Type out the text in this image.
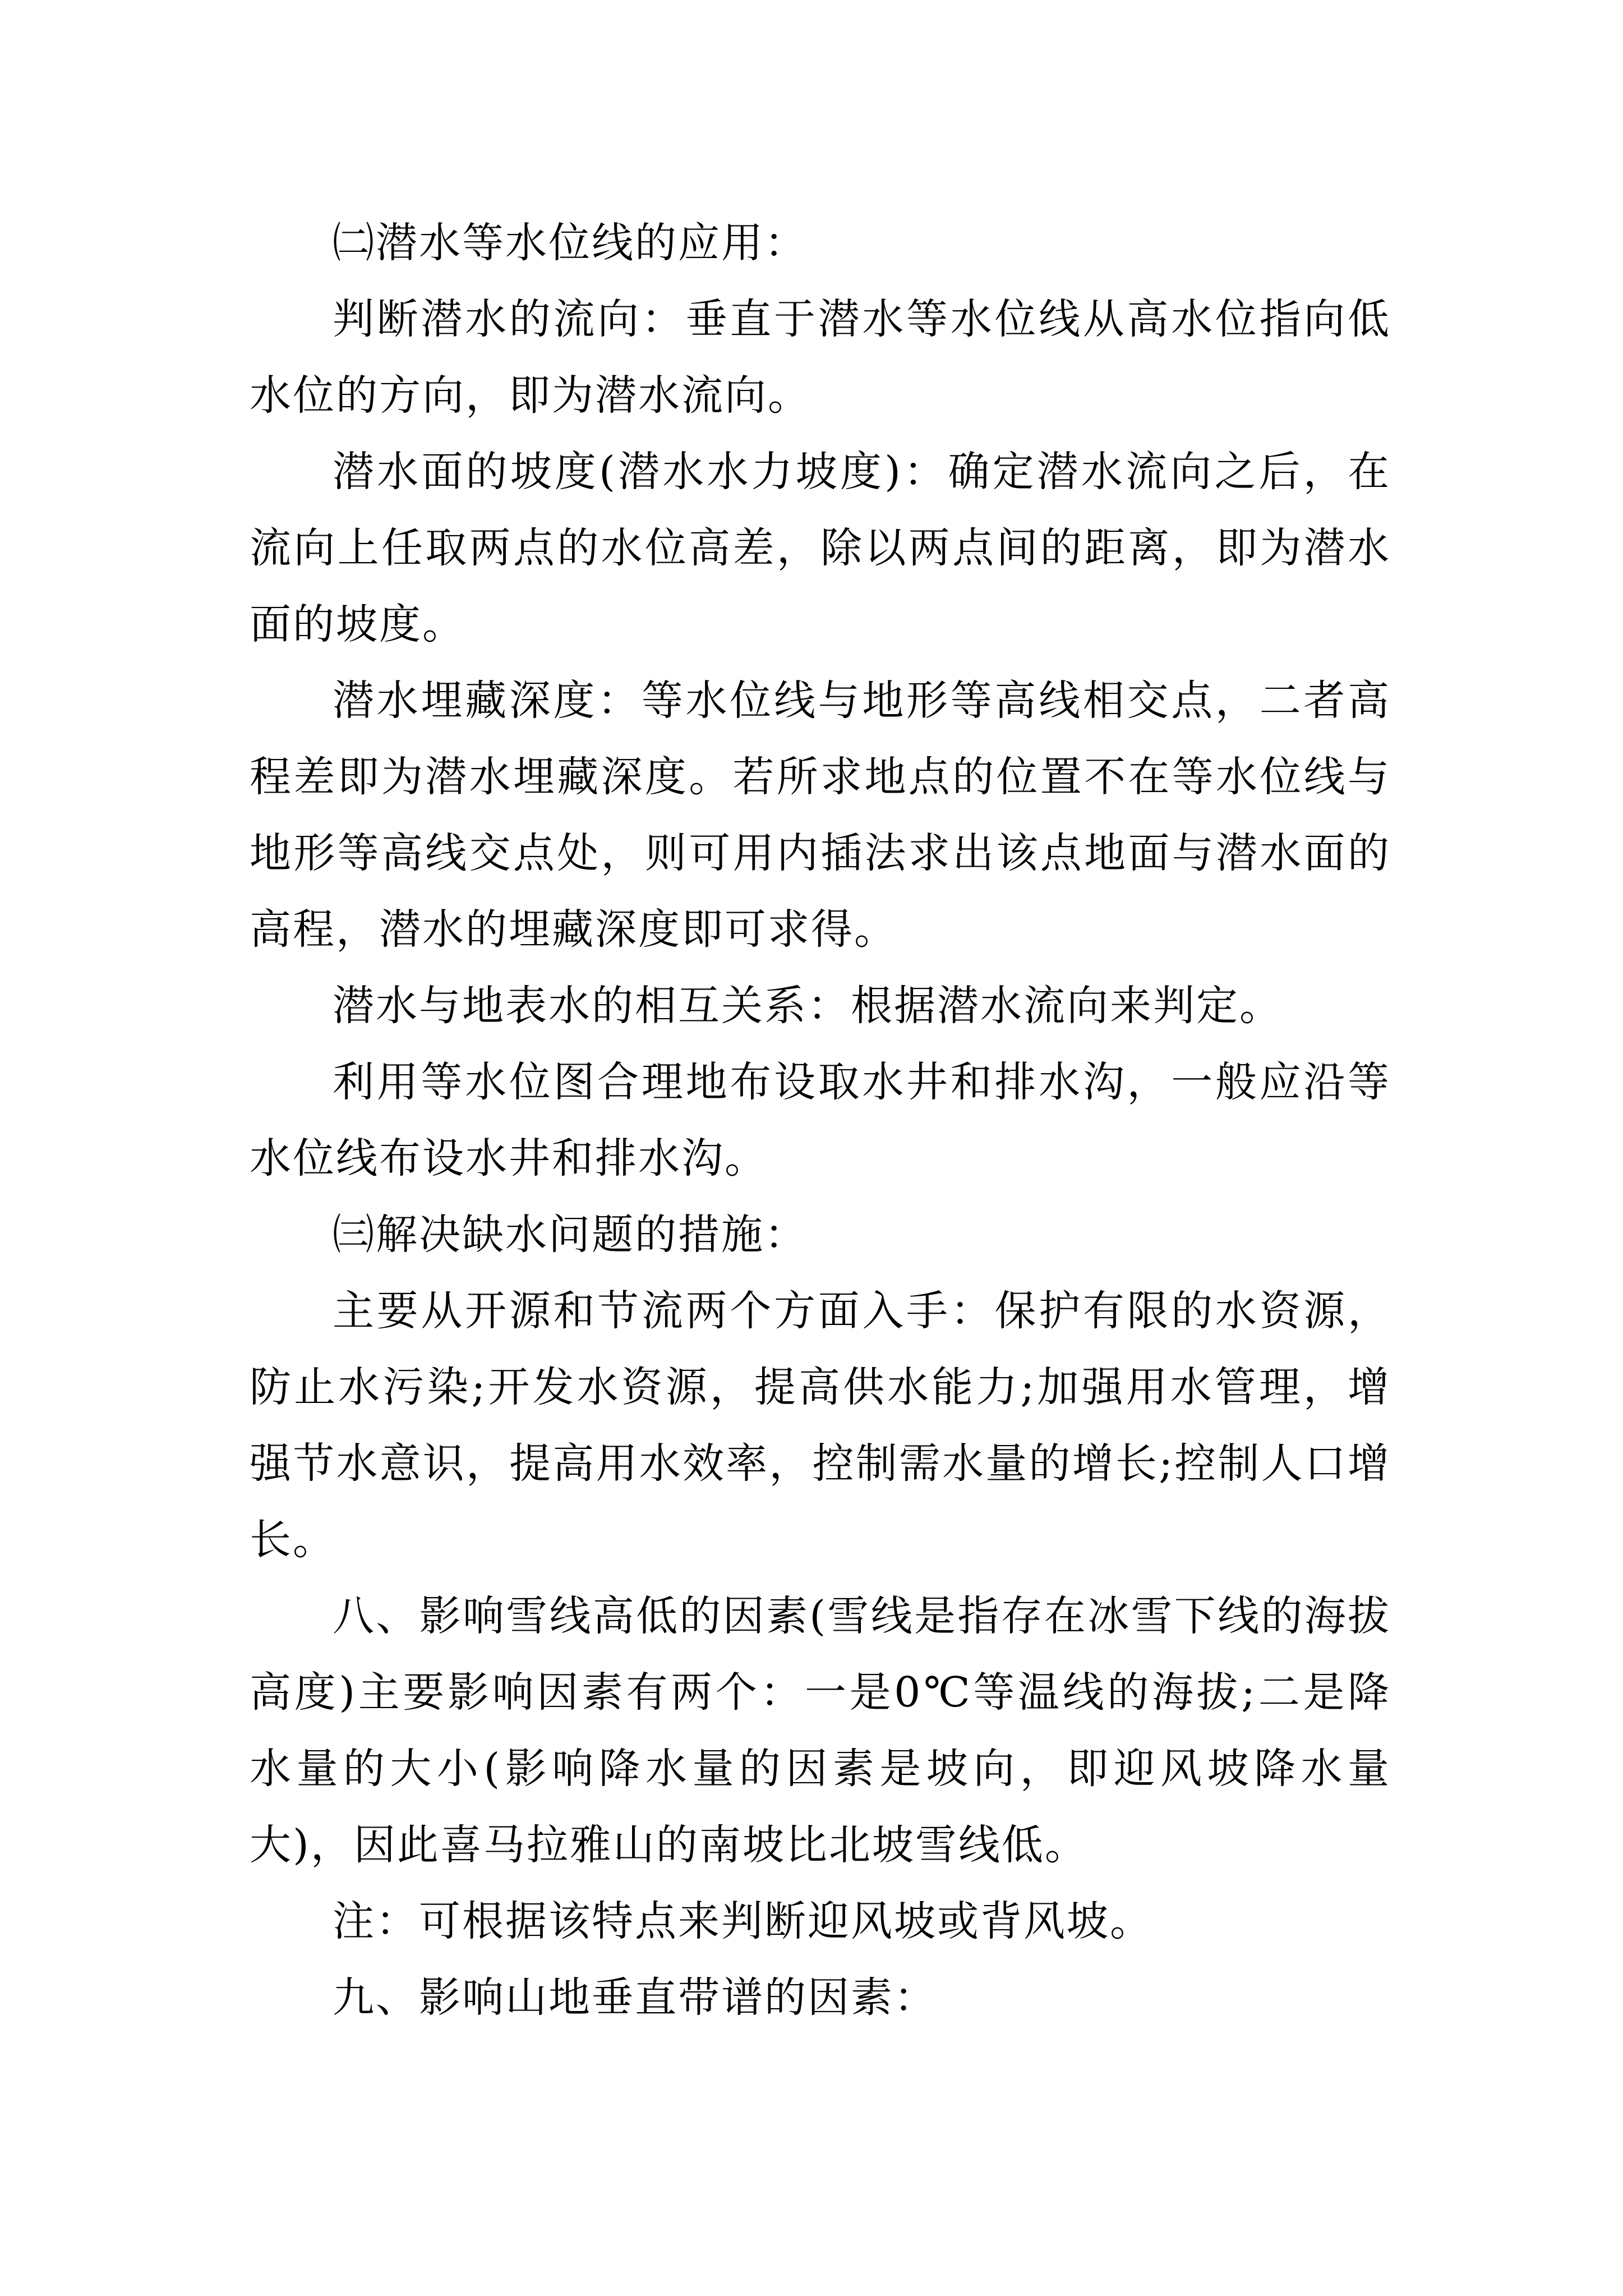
㈡潜水等水位线的应用：

判断潜水的流向：垂直于潜水等水位线从高水位指向低水位的方向，即为潜水流向。

潜水面的坡度(潜水水力坡度)：确定潜水流向之后，在流向上任取两点的水位高差，除以两点间的距离，即为潜水面的坡度。

潜水埋藏深度：等水位线与地形等高线相交点，二者高程差即为潜水埋藏深度。若所求地点的位置不在等水位线与地形等高线交点处，则可用内插法求出该点地面与潜水面的高程，潜水的埋藏深度即可求得。

潜水与地表水的相互关系：根据潜水流向来判定。

利用等水位图合理地布设取水井和排水沟，一般应沿等水位线布设水井和排水沟。

㈢解决缺水问题的措施：

主要从开源和节流两个方面入手：保护有限的水资源，防止水污染;开发水资源，提高供水能力;加强用水管理，增强节水意识，提高用水效率，控制需水量的增长;控制人口增长。

八、影响雪线高低的因素(雪线是指存在冰雪下线的海拔高度)主要影响因素有两个：一是0℃等温线的海拔;二是降水量的大小(影响降水量的因素是坡向，即迎风坡降水量大)，因此喜马拉雅山的南坡比北坡雪线低。

注：可根据该特点来判断迎风坡或背风坡。

九、影响山地垂直带谱的因素：
